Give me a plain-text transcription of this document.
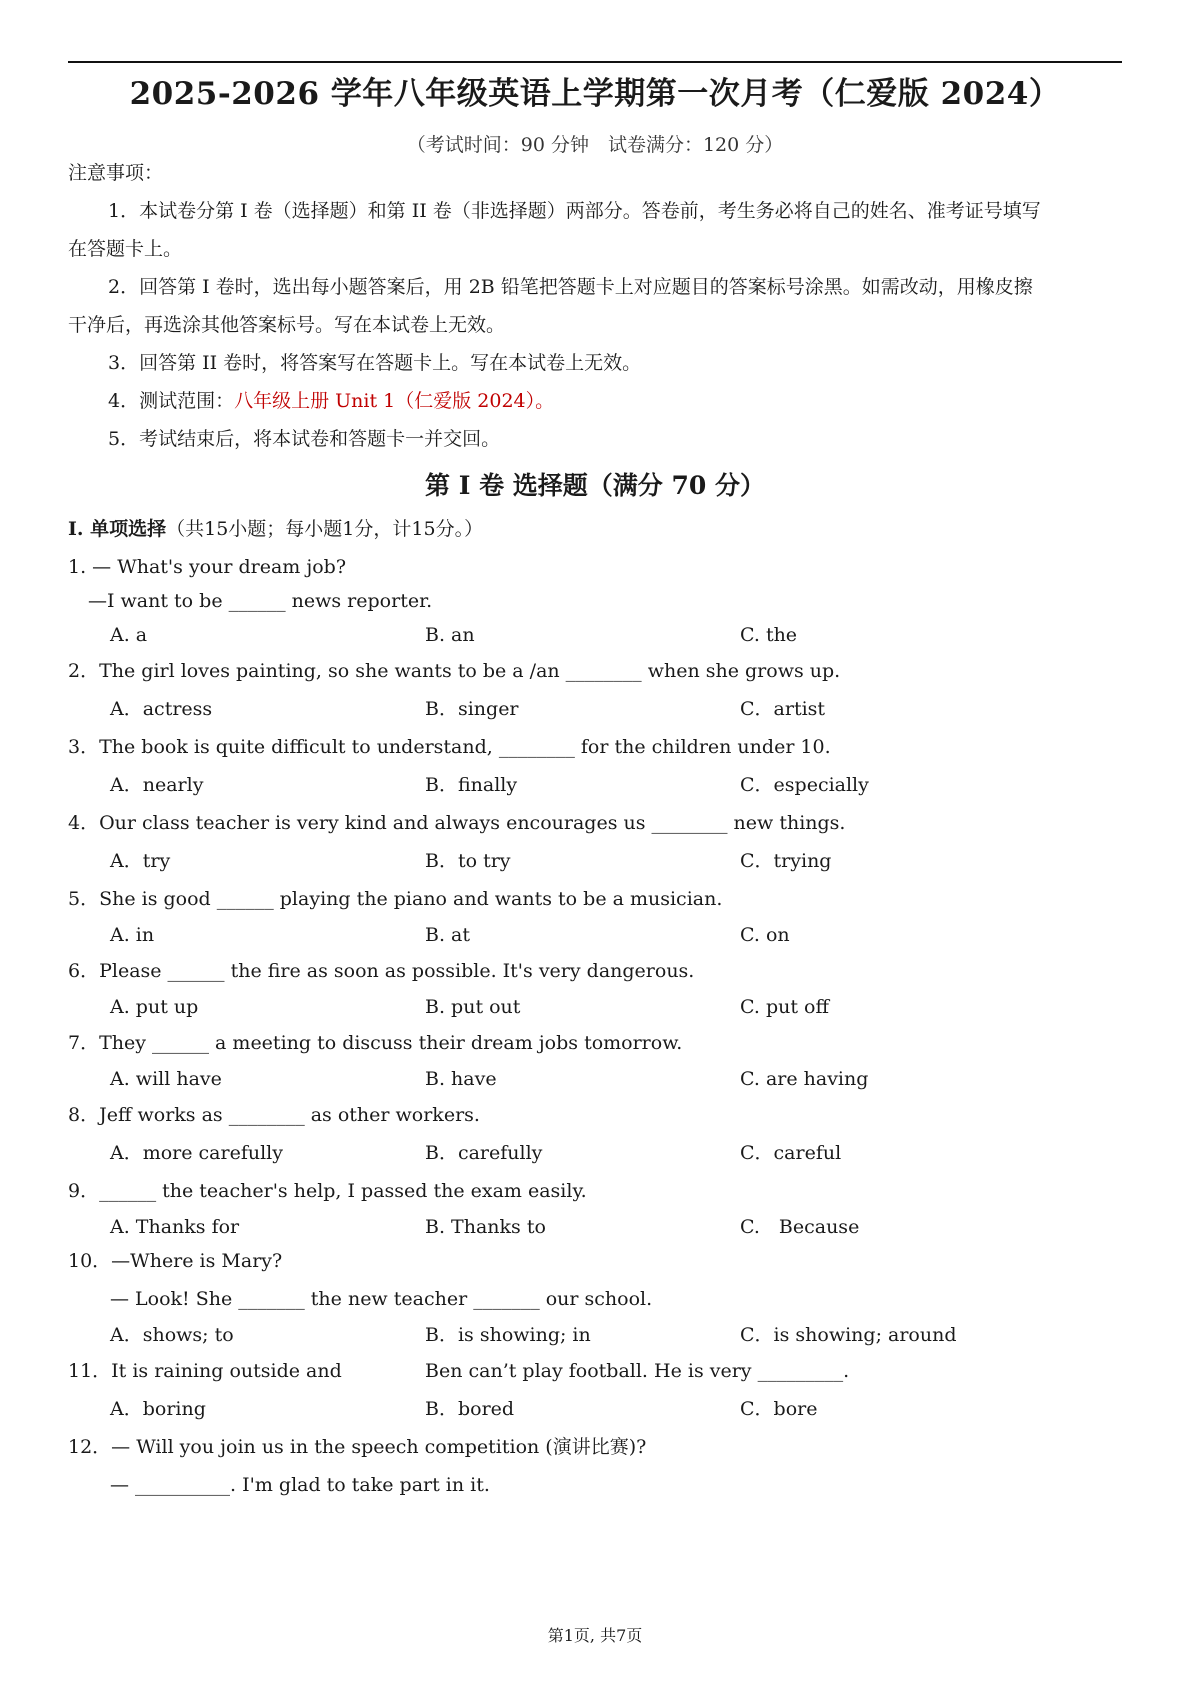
2025-2026 学年八年级英语上学期第一次月考（仁爱版 2024）
（考试时间：90 分钟　试卷满分：120 分）
注意事项：
1．本试卷分第 I 卷（选择题）和第 II 卷（非选择题）两部分。答卷前，考生务必将自己的姓名、准考证号填写
在答题卡上。
2．回答第 I 卷时，选出每小题答案后，用 2B 铅笔把答题卡上对应题目的答案标号涂黑。如需改动，用橡皮擦
干净后，再选涂其他答案标号。写在本试卷上无效。
3．回答第 II 卷时，将答案写在答题卡上。写在本试卷上无效。
4．测试范围：八年级上册 Unit 1（仁爱版 2024）。
5．考试结束后，将本试卷和答题卡一并交回。
第 I 卷 选择题（满分 70 分）
I. 单项选择（共15小题；每小题1分，计15分。）
1. — What's your dream job?
—I want to be ______ news reporter.
A. a	B. an	C. the
2．The girl loves painting, so she wants to be a /an ________ when she grows up.
A．actress	B．singer	C．artist
3．The book is quite difficult to understand, ________ for the children under 10.
A．nearly	B．finally	C．especially
4．Our class teacher is very kind and always encourages us ________ new things.
A．try	B．to try	C．trying
5．She is good ______ playing the piano and wants to be a musician.
A. in	B. at	C. on
6．Please ______ the fire as soon as possible. It's very dangerous.
A. put up	B. put out	C. put off
7．They ______ a meeting to discuss their dream jobs tomorrow.
A. will have	B. have	C. are having
8．Jeff works as ________ as other workers.
A．more carefully	B．carefully	C．careful
9．______ the teacher's help, I passed the exam easily.
A. Thanks for	B. Thanks to	C.　Because
10．—Where is Mary?
— Look! She _______ the new teacher _______ our school.
A．shows; to	B．is showing; in	C．is showing; around
11．It is raining outside and	Ben can’t play football. He is very _________.
A．boring	B．bored	C．bore
12．— Will you join us in the speech competition (演讲比赛)?
— __________. I'm glad to take part in it.
第1页, 共7页
